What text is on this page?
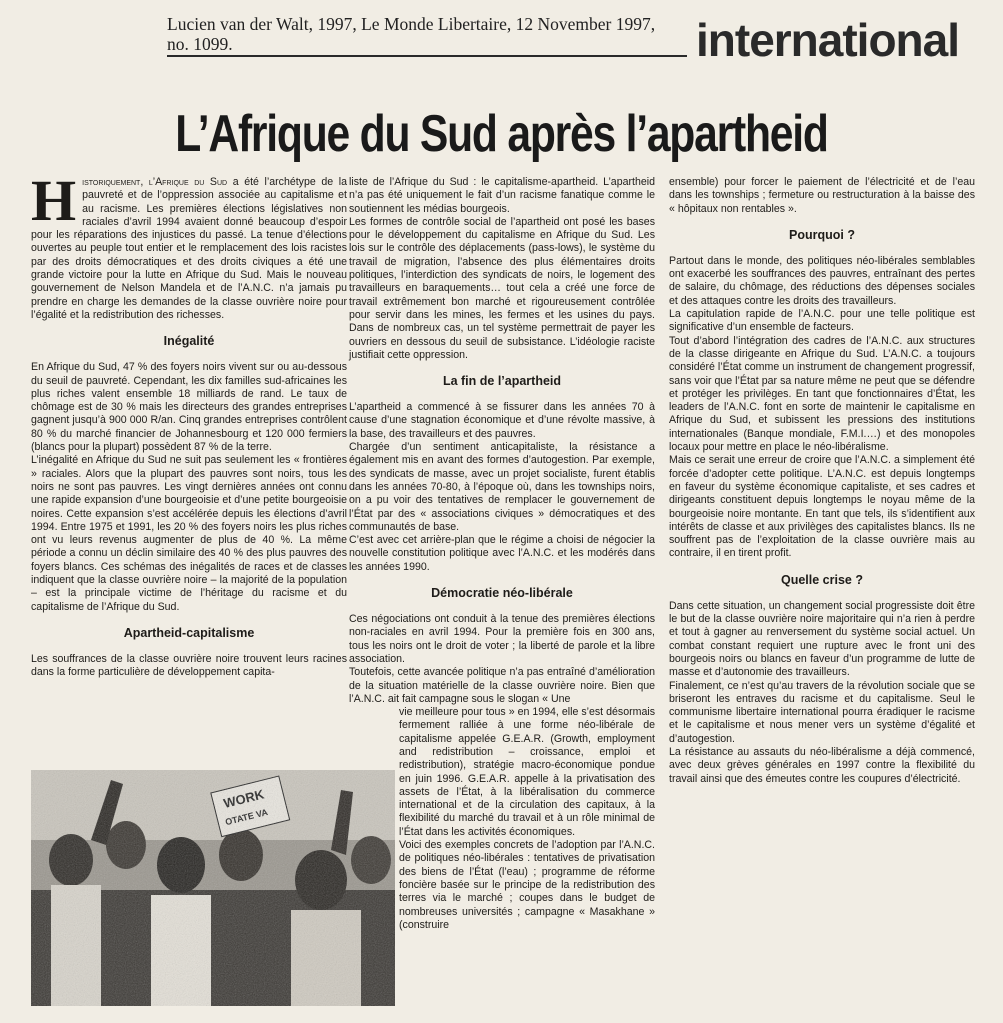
Lucien van der Walt, 1997, Le Monde Libertaire, 12 November 1997, no. 1099.	international
L’Afrique du Sud après l’apartheid

Historiquement, l’Afrique du Sud a été l’archétype de la pauvreté et de l’oppression associée au capitalisme et au racisme. Les premières élections législatives non raciales d’avril 1994 avaient donné beaucoup d’espoir pour les réparations des injustices du passé. La tenue d’élections ouvertes au peuple tout entier et le remplacement des lois racistes par des droits démocratiques et des droits civiques a été une grande victoire pour la lutte en Afrique du Sud. Mais le nouveau gouvernement de Nelson Mandela et de l’A.N.C. n’a jamais pu prendre en charge les demandes de la classe ouvrière noire pour l’égalité et la redistribution des richesses.

Inégalité

En Afrique du Sud, 47 % des foyers noirs vivent sur ou au-dessous du seuil de pauvreté. Cependant, les dix familles sud-africaines les plus riches valent ensemble 18 milliards de rand. Le taux de chômage est de 30 % mais les directeurs des grandes entreprises gagnent jusqu’à 900 000 R/an. Cinq grandes entreprises contrôlent 80 % du marché financier de Johannesbourg et 120 000 fermiers (blancs pour la plupart) possèdent 87 % de la terre.

L’inégalité en Afrique du Sud ne suit pas seulement les « frontières » raciales. Alors que la plupart des pauvres sont noirs, tous les noirs ne sont pas pauvres. Les vingt dernières années ont connu une rapide expansion d’une bourgeoisie et d’une petite bourgeoisie noires. Cette expansion s’est accélérée depuis les élections d’avril 1994. Entre 1975 et 1991, les 20 % des foyers noirs les plus riches ont vu leurs revenus augmenter de plus de 40 %. La même période a connu un déclin similaire des 40 % des plus pauvres des foyers blancs. Ces schémas des inégalités de races et de classes indiquent que la classe ouvrière noire – la majorité de la population – est la principale victime de l’héritage du racisme et du capitalisme de l’Afrique du Sud.

Apartheid-capitalisme

Les souffrances de la classe ouvrière noire trouvent leurs racines dans la forme particulière de développement capita-

liste de l’Afrique du Sud : le capitalisme-apartheid. L’apartheid n’a pas été uniquement le fait d’un racisme fanatique comme le soutiennent les médias bourgeois.

Les formes de contrôle social de l’apartheid ont posé les bases pour le développement du capitalisme en Afrique du Sud. Les lois sur le contrôle des déplacements (pass-lows), le système du travail de migration, l’absence des plus élémentaires droits politiques, l’interdiction des syndicats de noirs, le logement des travailleurs en baraquements… tout cela a créé une force de travail extrêmement bon marché et rigoureusement contrôlée pour servir dans les mines, les fermes et les usines du pays. Dans de nombreux cas, un tel système permettrait de payer les ouvriers en dessous du seuil de subsistance. L’idéologie raciste justifiait cette oppression.

La fin de l’apartheid

L’apartheid a commencé à se fissurer dans les années 70 à cause d’une stagnation économique et d’une révolte massive, à la base, des travailleurs et des pauvres.

Chargée d’un sentiment anticapitaliste, la résistance a également mis en avant des formes d’autogestion. Par exemple, des syndicats de masse, avec un projet socialiste, furent établis dans les années 70-80, à l’époque où, dans les townships noirs, on a pu voir des tentatives de remplacer le gouvernement de l’État par des « associations civiques » démocratiques et des communautés de base.

C’est avec cet arrière-plan que le régime a choisi de négocier la nouvelle constitution politique avec l’A.N.C. et les modérés dans les années 1990.

Démocratie néo-libérale

Ces négociations ont conduit à la tenue des premières élections non-raciales en avril 1994. Pour la première fois en 300 ans, tous les noirs ont le droit de voter ; la liberté de parole et la libre association.

Toutefois, cette avancée politique n’a pas entraîné d’amélioration de la situation matérielle de la classe ouvrière noire. Bien que l’A.N.C. ait fait campagne sous le slogan « Une

vie meilleure pour tous » en 1994, elle s’est désormais fermement ralliée à une forme néo-libérale de capitalisme appelée G.E.A.R. (Growth, employment and redistribution – croissance, emploi et redistribution), stratégie macro-économique pondue en juin 1996. G.E.A.R. appelle à la privatisation des assets de l’État, à la libéralisation du commerce international et de la circulation des capitaux, à la flexibilité du marché du travail et à un rôle minimal de l’État dans les activités économiques.

Voici des exemples concrets de l’adoption par l’A.N.C. de politiques néo-libérales : tentatives de privatisation des biens de l’État (l’eau) ; programme de réforme foncière basée sur le principe de la redistribution des terres via le marché ; coupes dans le budget de nombreuses universités ; campagne « Masakhane » (construire

ensemble) pour forcer le paiement de l’électricité et de l’eau dans les townships ; fermeture ou restructuration à la baisse des « hôpitaux non rentables ».

Pourquoi ?

Partout dans le monde, des politiques néo-libérales semblables ont exacerbé les souffrances des pauvres, entraînant des pertes de salaire, du chômage, des réductions des dépenses sociales et des attaques contre les droits des travailleurs.

La capitulation rapide de l’A.N.C. pour une telle politique est significative d’un ensemble de facteurs.

Tout d’abord l’intégration des cadres de l’A.N.C. aux structures de la classe dirigeante en Afrique du Sud. L’A.N.C. a toujours considéré l’État comme un instrument de changement progressif, sans voir que l’État par sa nature même ne peut que se défendre et protéger les privilèges. En tant que fonctionnaires d’État, les leaders de l’A.N.C. font en sorte de maintenir le capitalisme en Afrique du Sud, et subissent les pressions des institutions internationales (Banque mondiale, F.M.I.…) et des monopoles locaux pour mettre en place le néo-libéralisme.

Mais ce serait une erreur de croire que l’A.N.C. a simplement été forcée d’adopter cette politique. L’A.N.C. est depuis longtemps en faveur du système économique capitaliste, et ses cadres et dirigeants constituent depuis longtemps le noyau même de la bourgeoisie noire montante. En tant que tels, ils s’identifient aux intérêts de classe et aux privilèges des capitalistes blancs. Ils ne souffrent pas de l’exploitation de la classe ouvrière mais au contraire, il en tirent profit.

Quelle crise ?

Dans cette situation, un changement social progressiste doit être le but de la classe ouvrière noire majoritaire qui n’a rien à perdre et tout à gagner au renversement du système social actuel. Un combat constant requiert une rupture avec le front uni des bourgeois noirs ou blancs en faveur d’un programme de lutte de masse et d’autonomie des travailleurs.

Finalement, ce n’est qu’au travers de la révolution sociale que se briseront les entraves du racisme et du capitalisme. Seul le communisme libertaire international pourra éradiquer le racisme et le capitalisme et nous mener vers un système d’égalité et d’autogestion.

La résistance au assauts du néo-libéralisme a déjà commencé, avec deux grèves générales en 1997 contre la flexibilité du travail ainsi que des émeutes contre les coupures d’électricité.
